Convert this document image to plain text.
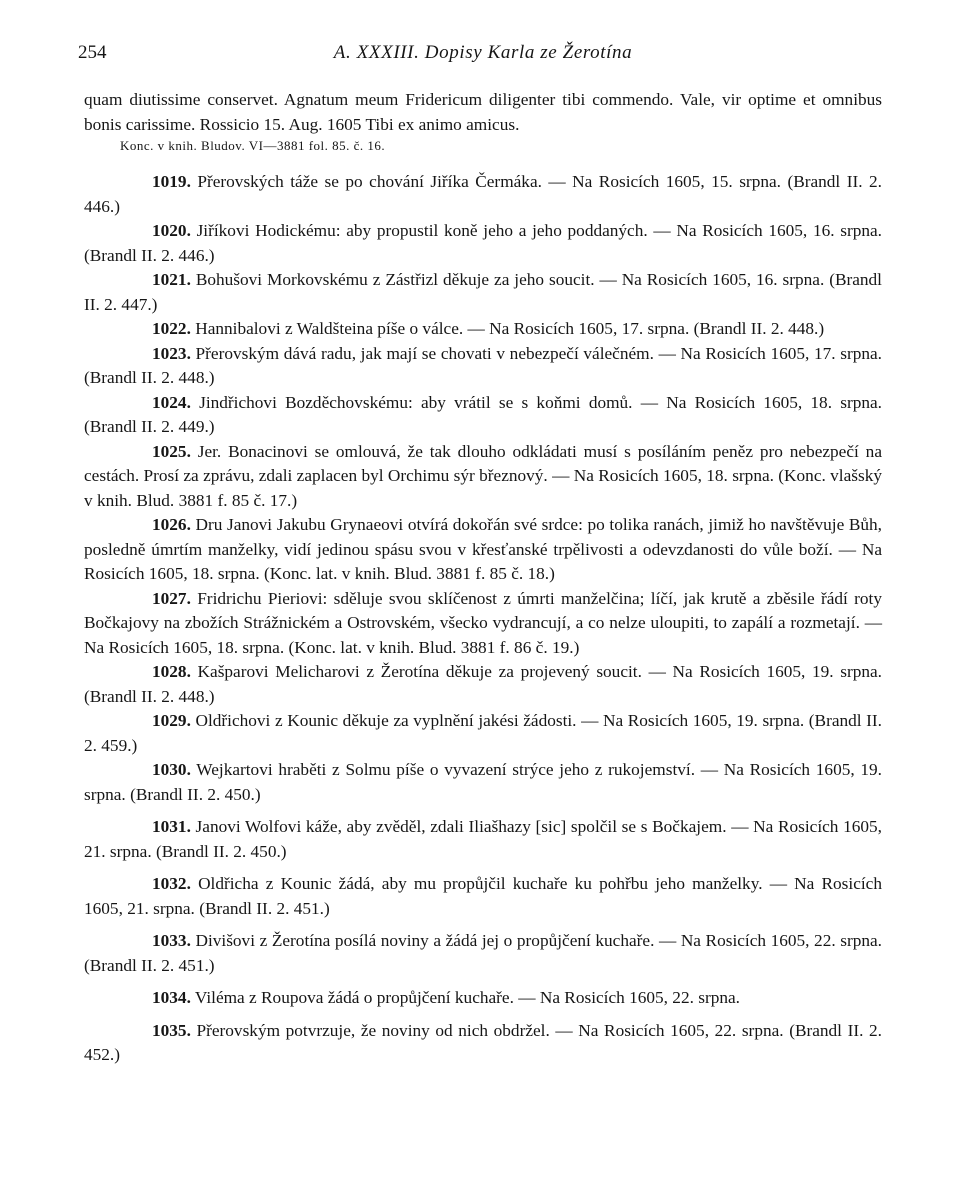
254	A. XXXIII. Dopisy Karla ze Žerotína

quam diutissime conservet. Agnatum meum Fridericum diligenter tibi commendo. Vale, vir optime et omnibus bonis carissime. Rossicio 15. Aug. 1605 Tibi ex animo amicus.

Konc. v knih. Bludov. VI—3881 fol. 85. č. 16.

1019. Přerovských táže se po chování Jiříka Čermáka. — Na Rosicích 1605, 15. srpna. (Brandl II. 2. 446.)

1020. Jiříkovi Hodickému: aby propustil koně jeho a jeho poddaných. — Na Rosicích 1605, 16. srpna. (Brandl II. 2. 446.)

1021. Bohušovi Morkovskému z Zástřizl děkuje za jeho soucit. — Na Rosicích 1605, 16. srpna. (Brandl II. 2. 447.)

1022. Hannibalovi z Waldšteina píše o válce. — Na Rosicích 1605, 17. srpna. (Brandl II. 2. 448.)

1023. Přerovským dává radu, jak mají se chovati v nebezpečí válečném. — Na Rosicích 1605, 17. srpna. (Brandl II. 2. 448.)

1024. Jindřichovi Bozděchovskému: aby vrátil se s koňmi domů. — Na Rosicích 1605, 18. srpna. (Brandl II. 2. 449.)

1025. Jer. Bonacinovi se omlouvá, že tak dlouho odkládati musí s posíláním peněz pro nebezpečí na cestách. Prosí za zprávu, zdali zaplacen byl Orchimu sýr březnový. — Na Rosicích 1605, 18. srpna. (Konc. vlašský v knih. Blud. 3881 f. 85 č. 17.)

1026. Dru Janovi Jakubu Grynaeovi otvírá dokořán své srdce: po tolika ranách, jimiž ho navštěvuje Bůh, posledně úmrtím manželky, vidí jedinou spásu svou v křesťanské trpělivosti a odevzdanosti do vůle boží. — Na Rosicích 1605, 18. srpna. (Konc. lat. v knih. Blud. 3881 f. 85 č. 18.)

1027. Fridrichu Pieriovi: sděluje svou sklíčenost z úmrti manželčina; líčí, jak krutě a zběsile řádí roty Bočkajovy na zbožích Strážnickém a Ostrovském, všecko vydrancují, a co nelze uloupiti, to zapálí a rozmetají. — Na Rosicích 1605, 18. srpna. (Konc. lat. v knih. Blud. 3881 f. 86 č. 19.)

1028. Kašparovi Melicharovi z Žerotína děkuje za projevený soucit. — Na Rosicích 1605, 19. srpna. (Brandl II. 2. 448.)

1029. Oldřichovi z Kounic děkuje za vyplnění jakési žádosti. — Na Rosicích 1605, 19. srpna. (Brandl II. 2. 459.)

1030. Wejkartovi hraběti z Solmu píše o vyvazení strýce jeho z rukojemství. — Na Rosicích 1605, 19. srpna. (Brandl II. 2. 450.)

1031. Janovi Wolfovi káže, aby zvěděl, zdali Iliašhazy [sic] spolčil se s Bočkajem. — Na Rosicích 1605, 21. srpna. (Brandl II. 2. 450.)

1032. Oldřicha z Kounic žádá, aby mu propůjčil kuchaře ku pohřbu jeho manželky. — Na Rosicích 1605, 21. srpna. (Brandl II. 2. 451.)

1033. Divišovi z Žerotína posílá noviny a žádá jej o propůjčení kuchaře. — Na Rosicích 1605, 22. srpna. (Brandl II. 2. 451.)

1034. Viléma z Roupova žádá o propůjčení kuchaře. — Na Rosicích 1605, 22. srpna.

1035. Přerovským potvrzuje, že noviny od nich obdržel. — Na Rosicích 1605, 22. srpna. (Brandl II. 2. 452.)
